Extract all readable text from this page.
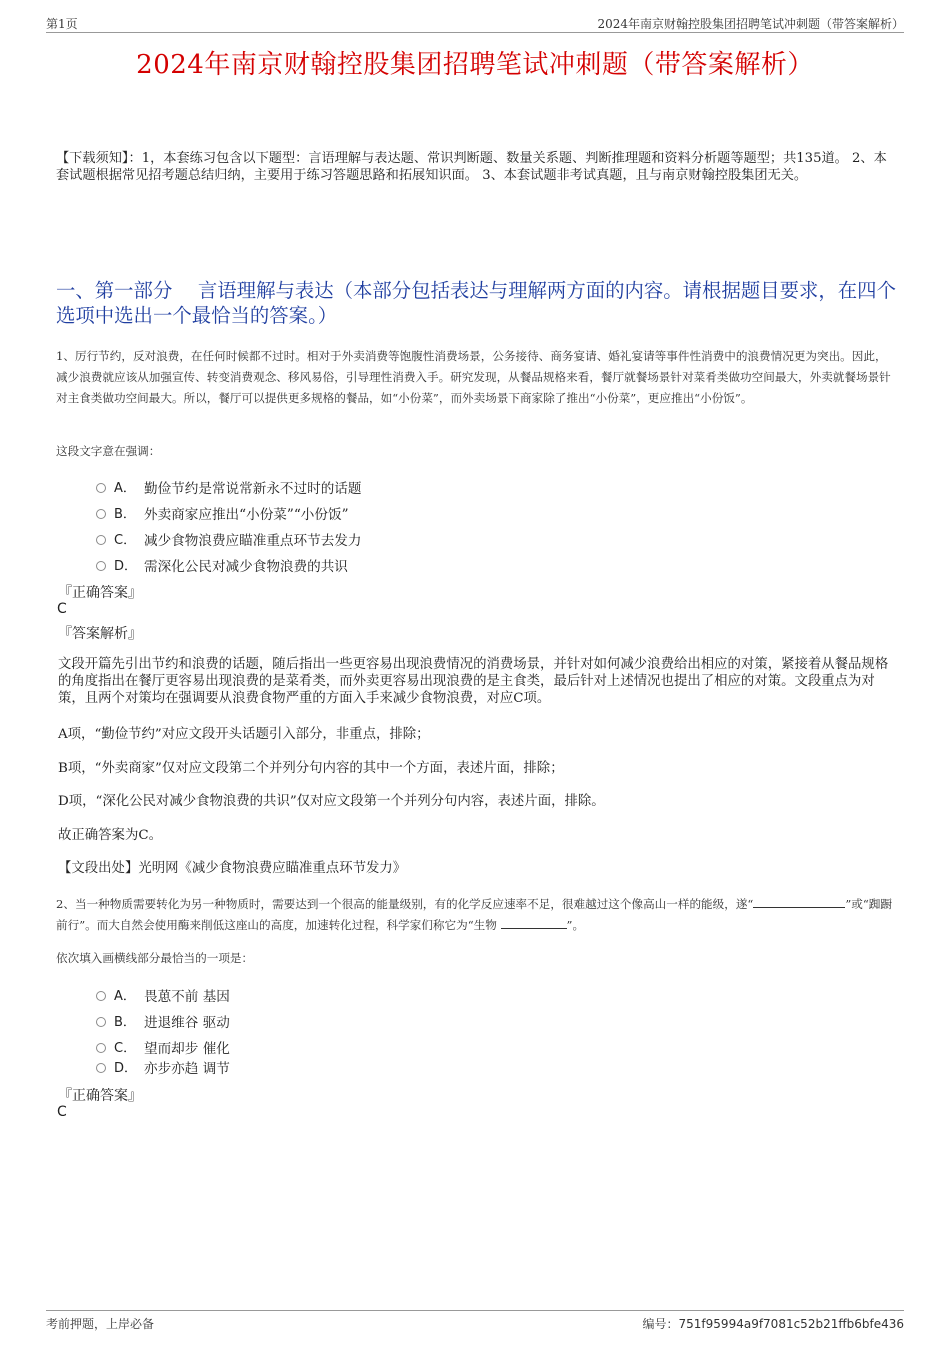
第1页	2024年南京财翰控股集团招聘笔试冲刺题（带答案解析）
2024年南京财翰控股集团招聘笔试冲刺题（带答案解析）
【下载须知】：1，本套练习包含以下题型：言语理解与表达题、常识判断题、数量关系题、判断推理题和资料分析题等题型；共135道。 2、本套试题根据常见招考题总结归纳，主要用于练习答题思路和拓展知识面。 3、本套试题非考试真题，且与南京财翰控股集团无关。
一、第一部分　 言语理解与表达（本部分包括表达与理解两方面的内容。请根据题目要求，在四个选项中选出一个最恰当的答案。）
1、厉行节约，反对浪费，在任何时候都不过时。相对于外卖消费等饱腹性消费场景，公务接待、商务宴请、婚礼宴请等事件性消费中的浪费情况更为突出。因此，减少浪费就应该从加强宣传、转变消费观念、移风易俗，引导理性消费入手。研究发现，从餐品规格来看，餐厅就餐场景针对菜肴类做功空间最大，外卖就餐场景针对主食类做功空间最大。所以，餐厅可以提供更多规格的餐品，如“小份菜”，而外卖场景下商家除了推出“小份菜”，更应推出“小份饭”。
这段文字意在强调：
A． 勤俭节约是常说常新永不过时的话题
B． 外卖商家应推出“小份菜”“小份饭”
C． 减少食物浪费应瞄准重点环节去发力
D． 需深化公民对减少食物浪费的共识
『正确答案』
C
『答案解析』
文段开篇先引出节约和浪费的话题，随后指出一些更容易出现浪费情况的消费场景，并针对如何减少浪费给出相应的对策，紧接着从餐品规格的角度指出在餐厅更容易出现浪费的是菜肴类，而外卖更容易出现浪费的是主食类，最后针对上述情况也提出了相应的对策。文段重点为对策，且两个对策均在强调要从浪费食物严重的方面入手来减少食物浪费，对应C项。
A项，“勤俭节约”对应文段开头话题引入部分，非重点，排除；
B项，“外卖商家”仅对应文段第二个并列分句内容的其中一个方面，表述片面，排除；
D项，“深化公民对减少食物浪费的共识”仅对应文段第一个并列分句内容，表述片面，排除。
故正确答案为C。
【文段出处】光明网《减少食物浪费应瞄准重点环节发力》
2、当一种物质需要转化为另一种物质时，需要达到一个很高的能量级别，有的化学反应速率不足，很难越过这个像高山一样的能级，遂“	”或“踟蹰前行”。而大自然会使用酶来削低这座山的高度，加速转化过程，科学家们称它为“生物	”。
依次填入画横线部分最恰当的一项是：
A． 畏葸不前 基因
B． 进退维谷 驱动
C． 望而却步 催化
D． 亦步亦趋 调节
『正确答案』
C
考前押题，上岸必备	编号：751f95994a9f7081c52b21ffb6bfe436
